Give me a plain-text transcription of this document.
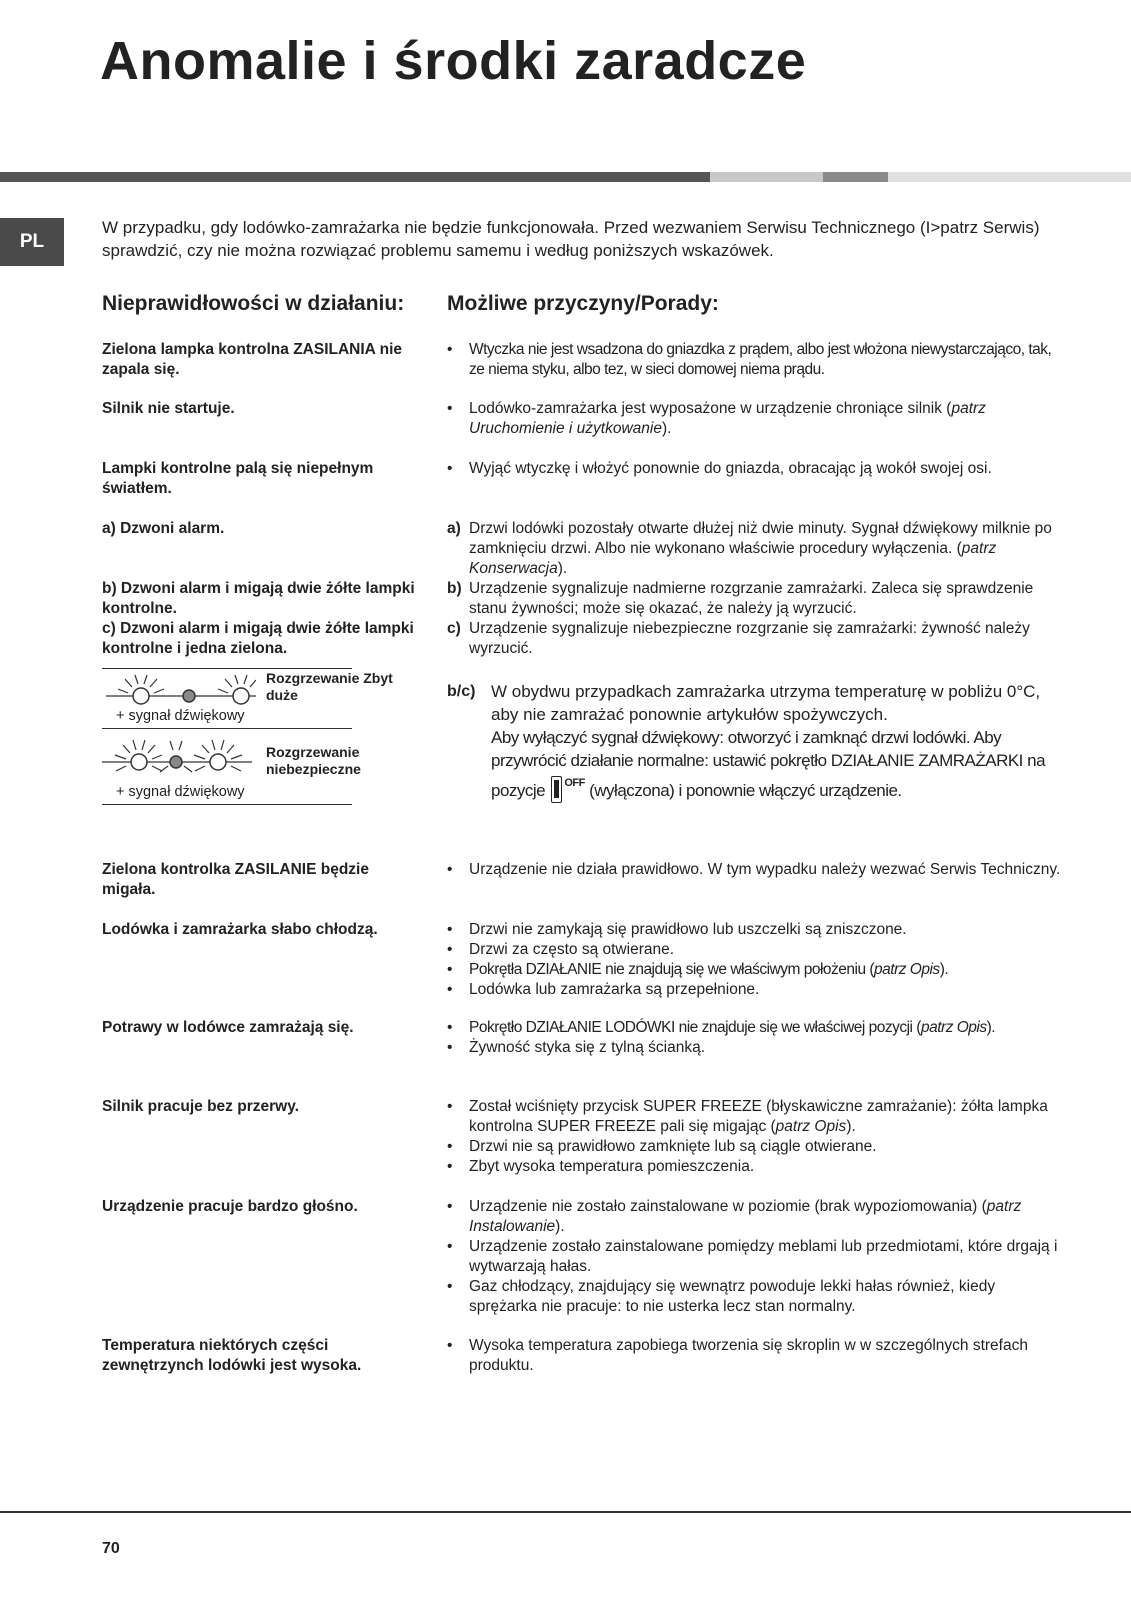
Anomalie i środki zaradcze
PL

W przypadku, gdy lodówko-zamrażarka nie będzie funkcjonowała. Przed wezwaniem Serwisu Technicznego (I>patrz Serwis) sprawdzić, czy nie można rozwiązać problemu samemu i według poniższych wskazówek.

Nieprawidłowości w działaniu: Możliwe przyczyny/Porady:
Zielona lampka kontrolna ZASILANIA nie zapala się.
Silnik nie startuje.
Lampki kontrolne palą się niepełnym światłem.
a) Dzwoni alarm.
b) Dzwoni alarm i migają dwie żółte lampki kontrolne.
c) Dzwoni alarm i migają dwie żółte lampki kontrolne i jedna zielona.
Rozgrzewanie Zbyt duże
+ sygnał dźwiękowy
Rozgrzewanie niebezpieczne
+ sygnał dźwiękowy
Zielona kontrolka ZASILANIE będzie migała.
Lodówka i zamrażarka słabo chłodzą.
Potrawy w lodówce zamrażają się.
Silnik pracuje bez przerwy.
Urządzenie pracuje bardzo głośno.
Temperatura niektórych części zewnętrzynch lodówki jest wysoka.
• Wtyczka nie jest wsadzona do gniazdka z prądem, albo jest włożona niewystarczająco, tak, ze niema styku, albo tez, w sieci domowej niema prądu.
• Lodówko-zamrażarka jest wyposażone w urządzenie chroniące silnik (patrz Uruchomienie i użytkowanie).
• Wyjąć wtyczkę i włożyć ponownie do gniazda, obracając ją wokół swojej osi.
a) Drzwi lodówki pozostały otwarte dłużej niż dwie minuty. Sygnał dźwiękowy milknie po zamknięciu drzwi. Albo nie wykonano właściwie procedury wyłączenia. (patrz Konserwacja).
b) Urządzenie sygnalizuje nadmierne rozgrzanie zamrażarki. Zaleca się sprawdzenie stanu żywności; może się okazać, że należy ją wyrzucić.
c) Urządzenie sygnalizuje niebezpieczne rozgrzanie się zamrażarki: żywność należy wyrzucić.
b/c) W obydwu przypadkach zamrażarka utrzyma temperaturę w pobliżu 0°C, aby nie zamrażać ponownie artykułów spożywczych.
Aby wyłączyć sygnał dźwiękowy: otworzyć i zamknąć drzwi lodówki. Aby przywrócić działanie normalne: ustawić pokrętło DZIAŁANIE ZAMRAŻARKI na pozycje $^{OFF}$ (wyłączona) i ponownie włączyć urządzenie.
• Urządzenie nie działa prawidłowo. W tym wypadku należy wezwać Serwis Techniczny.
• Drzwi nie zamykają się prawidłowo lub uszczelki są zniszczone.
• Drzwi za często są otwierane.
• Pokrętła DZIAŁANIE nie znajdują się we właściwym położeniu (patrz Opis).
• Lodówka lub zamrażarka są przepełnione.
• Pokrętło DZIAŁANIE LODÓWKI nie znajduje się we właściwej pozycji (patrz Opis).
• Żywność styka się z tylną ścianką.
• Został wciśnięty przycisk SUPER FREEZE (błyskawiczne zamrażanie): żółta lampka kontrolna SUPER FREEZE pali się migając (patrz Opis).
• Drzwi nie są prawidłowo zamknięte lub są ciągle otwierane.
• Zbyt wysoka temperatura pomieszczenia.
• Urządzenie nie zostało zainstalowane w poziomie (brak wypoziomowania) (patrz Instalowanie).
• Urządzenie zostało zainstalowane pomiędzy meblami lub przedmiotami, które drgają i wytwarzają hałas.
• Gaz chłodzący, znajdujący się wewnątrz powoduje lekki hałas również, kiedy sprężarka nie pracuje: to nie usterka lecz stan normalny.
• Wysoka temperatura zapobiega tworzenia się skroplin w w szczególnych strefach produktu.
70
